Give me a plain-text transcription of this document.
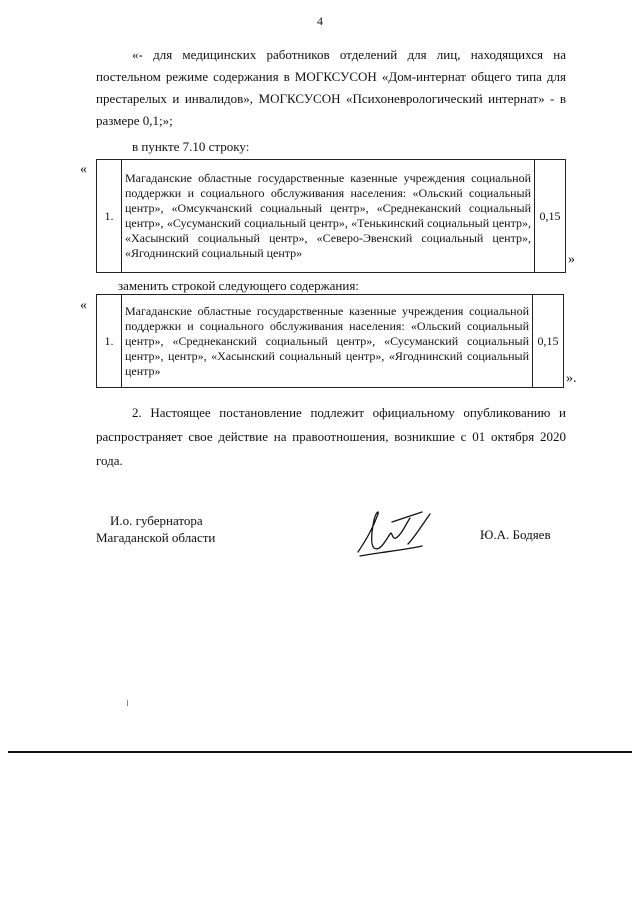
4
«- для медицинских работников отделений для лиц, находящихся на постельном режиме содержания в МОГКСУСОН «Дом-интернат общего типа для престарелых и инвалидов», МОГКСУСОН «Психоневрологический интернат» - в размере 0,1;»;
в пункте 7.10 строку:
«
1.	Магаданские областные государственные казенные учреждения социальной поддержки и социального обслуживания населения: «Ольский социальный центр», «Омсукчанский социальный центр», «Среднеканский социальный центр», «Сусуманский социальный центр», «Тенькинский социальный центр», «Хасынский социальный центр», «Северо-Эвенский социальный центр», «Ягоднинский социальный центр»	0,15
»
заменить строкой следующего содержания:
«
1.	Магаданские областные государственные казенные учреждения социальной поддержки и социального обслуживания населения: «Ольский социальный центр», «Среднеканский социальный центр», «Сусуманский социальный центр», центр», «Хасынский социальный центр», «Ягоднинский социальный центр»	0,15
».
2. Настоящее постановление подлежит официальному опубликованию и распространяет свое действие на правоотношения, возникшие с 01 октября 2020 года.
И.о. губернатора
Магаданской области	Ю.А. Бодяев
